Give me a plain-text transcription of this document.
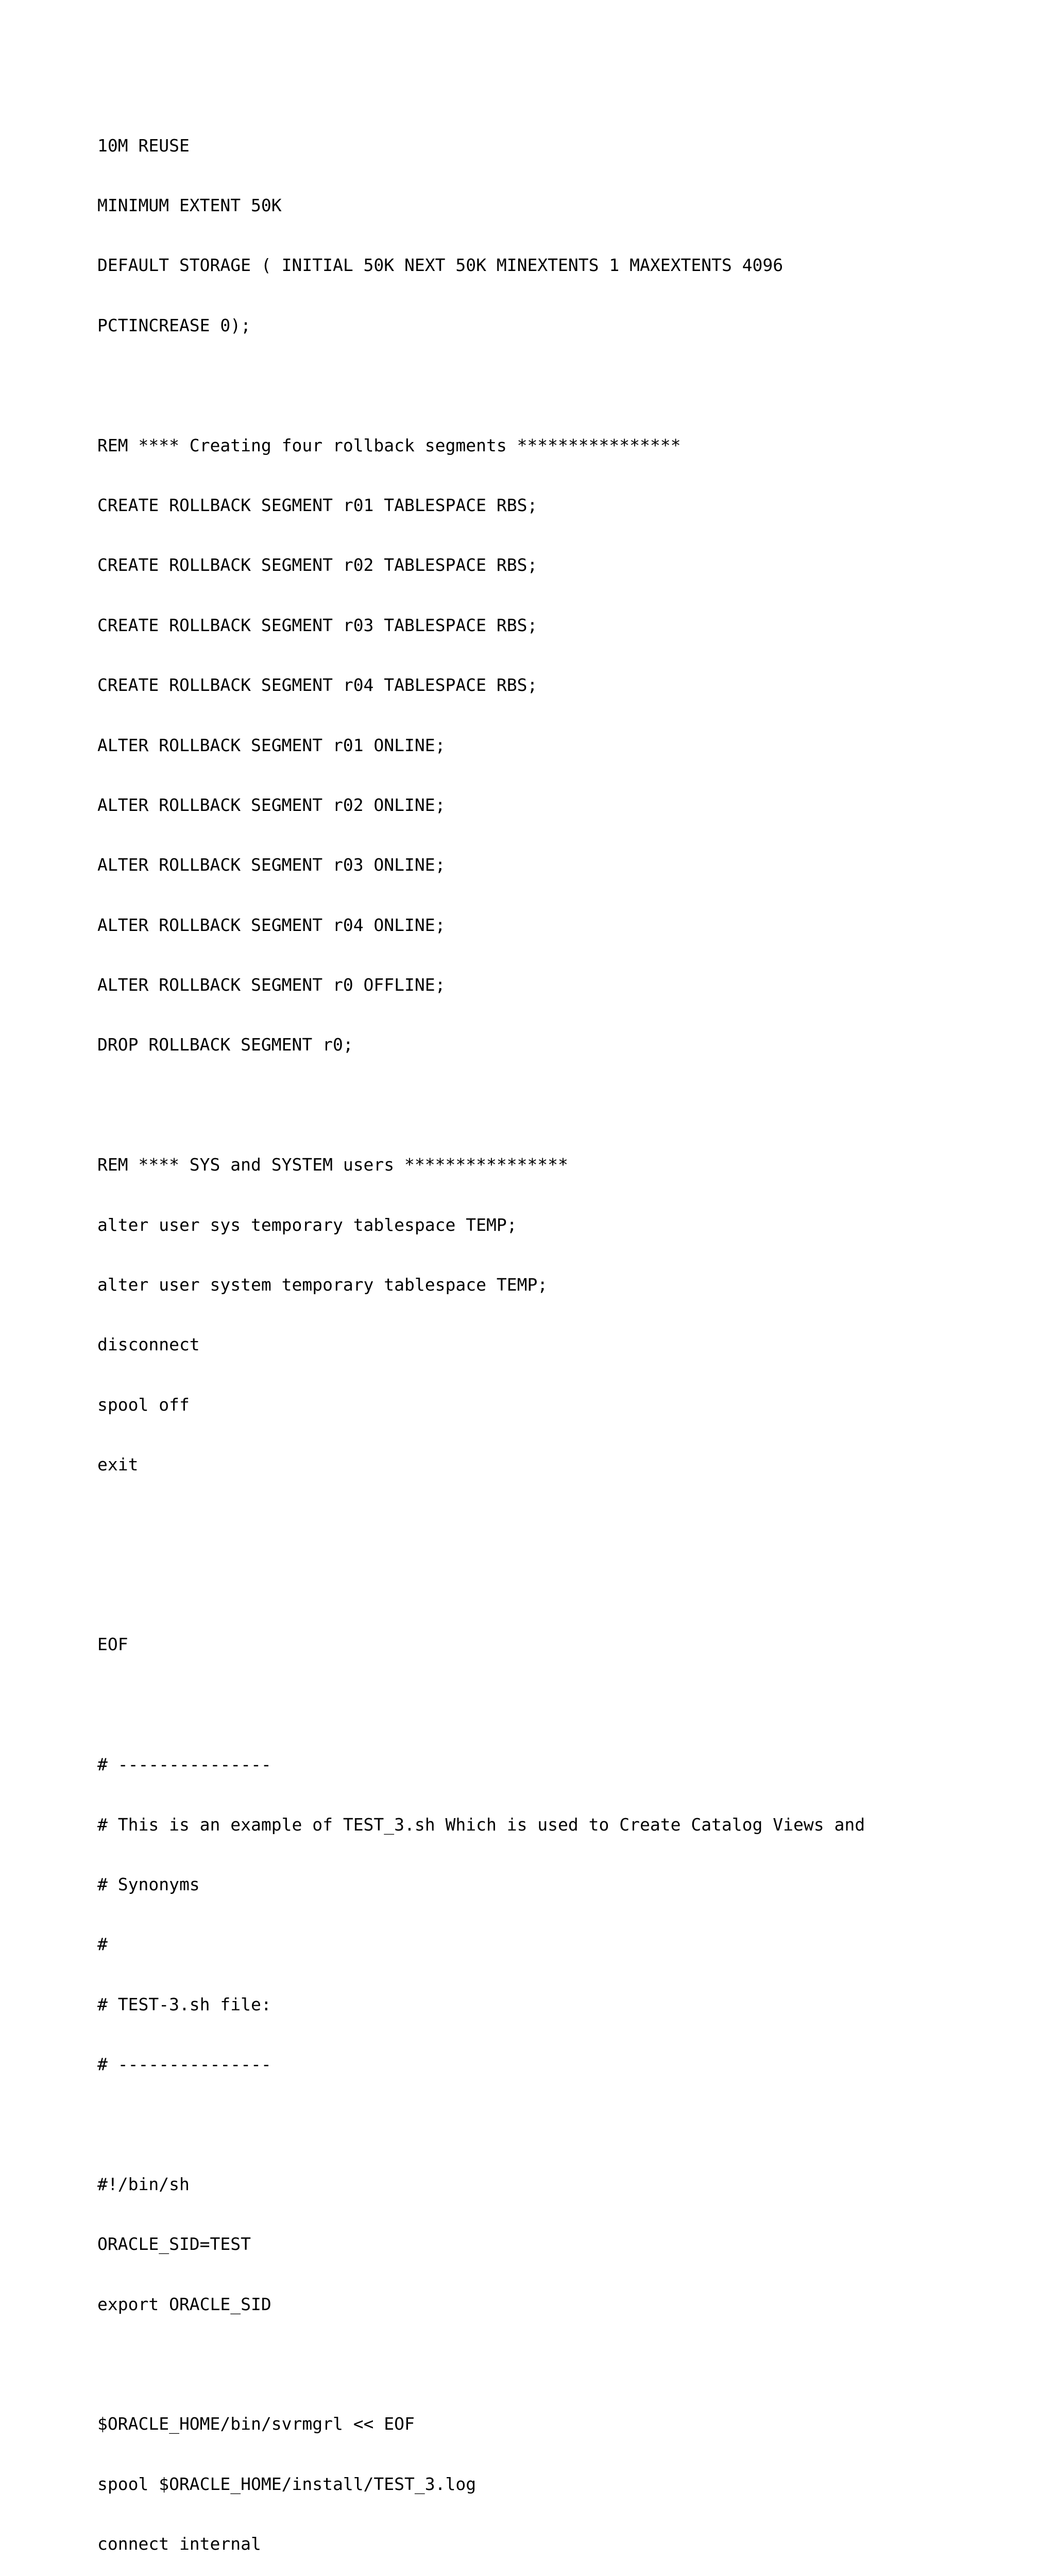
10M REUSE

MINIMUM EXTENT 50K

DEFAULT STORAGE ( INITIAL 50K NEXT 50K MINEXTENTS 1 MAXEXTENTS 4096

PCTINCREASE 0);

REM **** Creating four rollback segments ****************

CREATE ROLLBACK SEGMENT r01 TABLESPACE RBS;

CREATE ROLLBACK SEGMENT r02 TABLESPACE RBS;

CREATE ROLLBACK SEGMENT r03 TABLESPACE RBS;

CREATE ROLLBACK SEGMENT r04 TABLESPACE RBS;

ALTER ROLLBACK SEGMENT r01 ONLINE;

ALTER ROLLBACK SEGMENT r02 ONLINE;

ALTER ROLLBACK SEGMENT r03 ONLINE;

ALTER ROLLBACK SEGMENT r04 ONLINE;

ALTER ROLLBACK SEGMENT r0 OFFLINE;

DROP ROLLBACK SEGMENT r0;

REM **** SYS and SYSTEM users ****************

alter user sys temporary tablespace TEMP;

alter user system temporary tablespace TEMP;

disconnect

spool off

exit

EOF

# ---------------

# This is an example of TEST_3.sh Which is used to Create Catalog Views and

# Synonyms

#

# TEST-3.sh file:

# ---------------

#!/bin/sh

ORACLE_SID=TEST

export ORACLE_SID

$ORACLE_HOME/bin/svrmgrl << EOF

spool $ORACLE_HOME/install/TEST_3.log

connect internal
